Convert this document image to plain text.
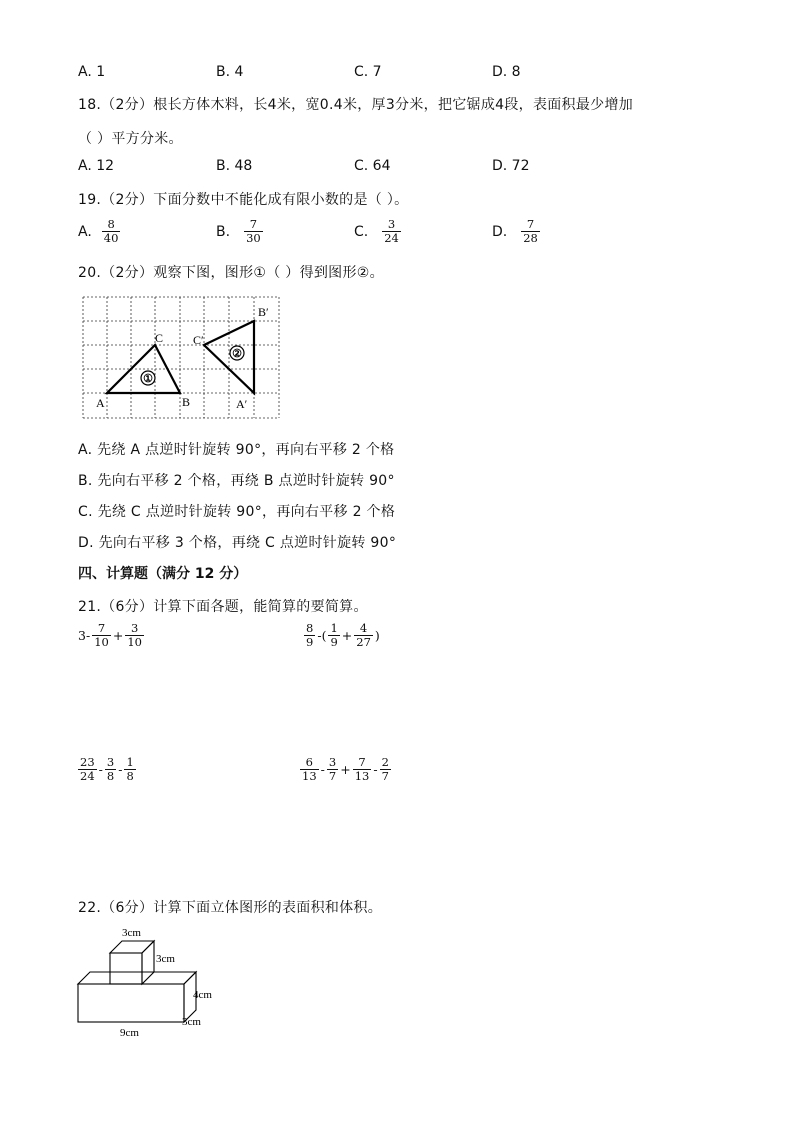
A. 1	B. 4	C. 7	D. 8
18.（2分）根长方体木料，长4米，宽0.4米，厚3分米，把它锯成4段，表面积最少增加
（ ）平方分米。
A. 12	B. 48	C. 64	D. 72
19.（2分）下面分数中不能化成有限小数的是（ ）。
A. $\frac{8}{40}$	B. $\frac{7}{30}$	C. $\frac{3}{24}$	D. $\frac{7}{28}$
20.（2分）观察下图，图形①（ ）得到图形②。
①
②
A	B
C
A′
B′
C′
A. 先绕 A 点逆时针旋转 90°，再向右平移 2 个格
B. 先向右平移 2 个格，再绕 B 点逆时针旋转 90°
C. 先绕 C 点逆时针旋转 90°，再向右平移 2 个格
D. 先向右平移 3 个格，再绕 C 点逆时针旋转 90°
四、计算题（满分 12 分）
21.（6分）计算下面各题，能简算的要简算。
$3 - \frac{7}{10} + \frac{3}{10}$	$\frac{8}{9}$ - ( $\frac{1}{9} + \frac{4}{27}$ )
$\frac{23}{24} - \frac{3}{8} - \frac{1}{8}$	$\frac{6}{13} - \frac{3}{7} + \frac{7}{13} - \frac{2}{7}$
22.（6分）计算下面立体图形的表面积和体积。
3cm
3cm
4cm
9cm
3cm
